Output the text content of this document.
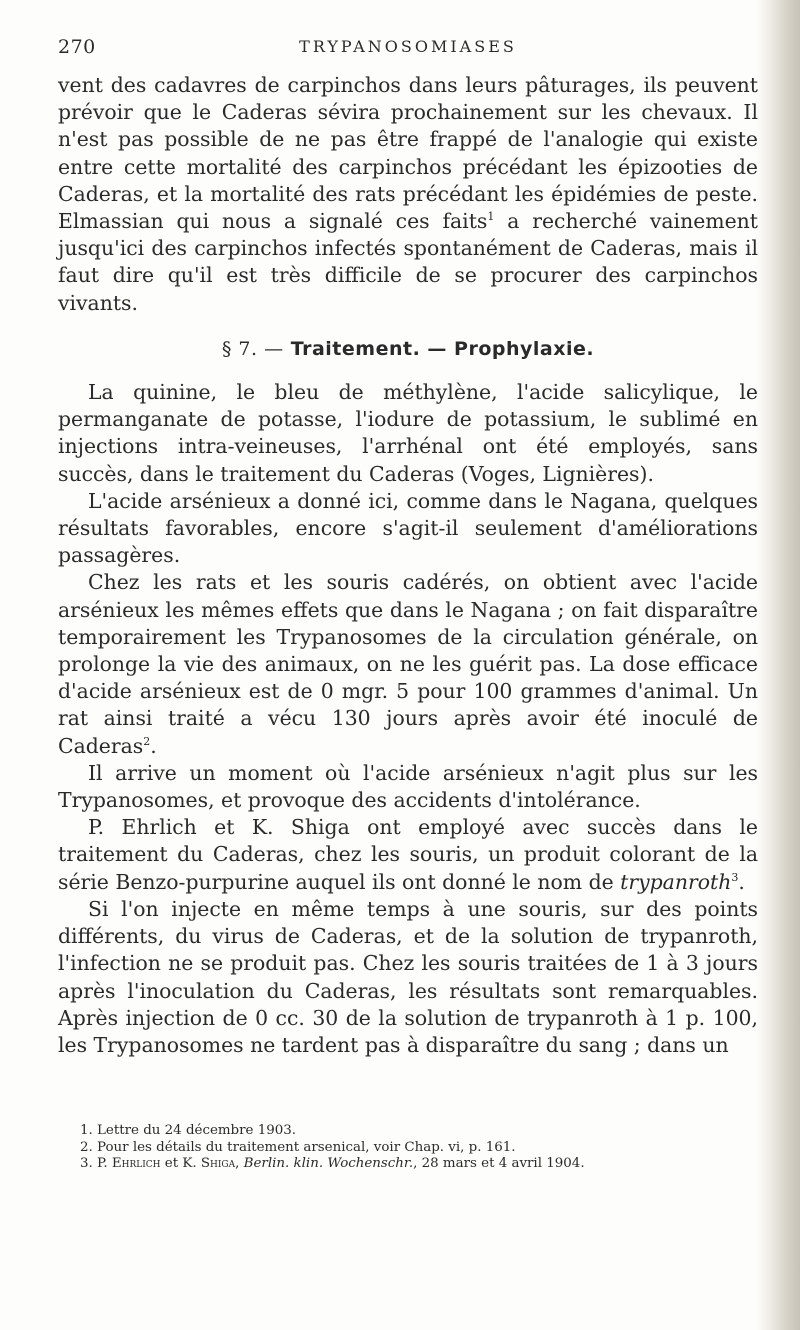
270	TRYPANOSOMIASES

vent des cadavres de carpinchos dans leurs pâturages, ils peuvent prévoir que le Caderas sévira prochainement sur les chevaux. Il n'est pas possible de ne pas être frappé de l'analogie qui existe entre cette mortalité des carpinchos précédant les épizooties de Caderas, et la mortalité des rats précédant les épidémies de peste. Elmassian qui nous a signalé ces faits$^1$ a recherché vainement jusqu'ici des carpinchos infectés spontanément de Caderas, mais il faut dire qu'il est très difficile de se procurer des carpinchos vivants.

§ 7. — Traitement. — Prophylaxie.

La quinine, le bleu de méthylène, l'acide salicylique, le permanganate de potasse, l'iodure de potassium, le sublimé en injections intra-veineuses, l'arrhénal ont été employés, sans succès, dans le traitement du Caderas (Voges, Lignières).

L'acide arsénieux a donné ici, comme dans le Nagana, quelques résultats favorables, encore s'agit-il seulement d'améliorations passagères.

Chez les rats et les souris cadérés, on obtient avec l'acide arsénieux les mêmes effets que dans le Nagana ; on fait disparaître temporairement les Trypanosomes de la circulation générale, on prolonge la vie des animaux, on ne les guérit pas. La dose efficace d'acide arsénieux est de 0 mgr. 5 pour 100 grammes d'animal. Un rat ainsi traité a vécu 130 jours après avoir été inoculé de Caderas$^2$.

Il arrive un moment où l'acide arsénieux n'agit plus sur les Trypanosomes, et provoque des accidents d'intolérance.

P. Ehrlich et K. Shiga ont employé avec succès dans le traitement du Caderas, chez les souris, un produit colorant de la série Benzo-purpurine auquel ils ont donné le nom de trypanroth$^3$.

Si l'on injecte en même temps à une souris, sur des points différents, du virus de Caderas, et de la solution de trypanroth, l'infection ne se produit pas. Chez les souris traitées de 1 à 3 jours après l'inoculation du Caderas, les résultats sont remarquables. Après injection de 0 cc. 30 de la solution de trypanroth à 1 p. 100, les Trypanosomes ne tardent pas à disparaître du sang ; dans un

1. Lettre du 24 décembre 1903.

2. Pour les détails du traitement arsenical, voir Chap. vi, p. 161.

3. P. Ehrlich et K. Shiga, Berlin. klin. Wochenschr., 28 mars et 4 avril 1904.
